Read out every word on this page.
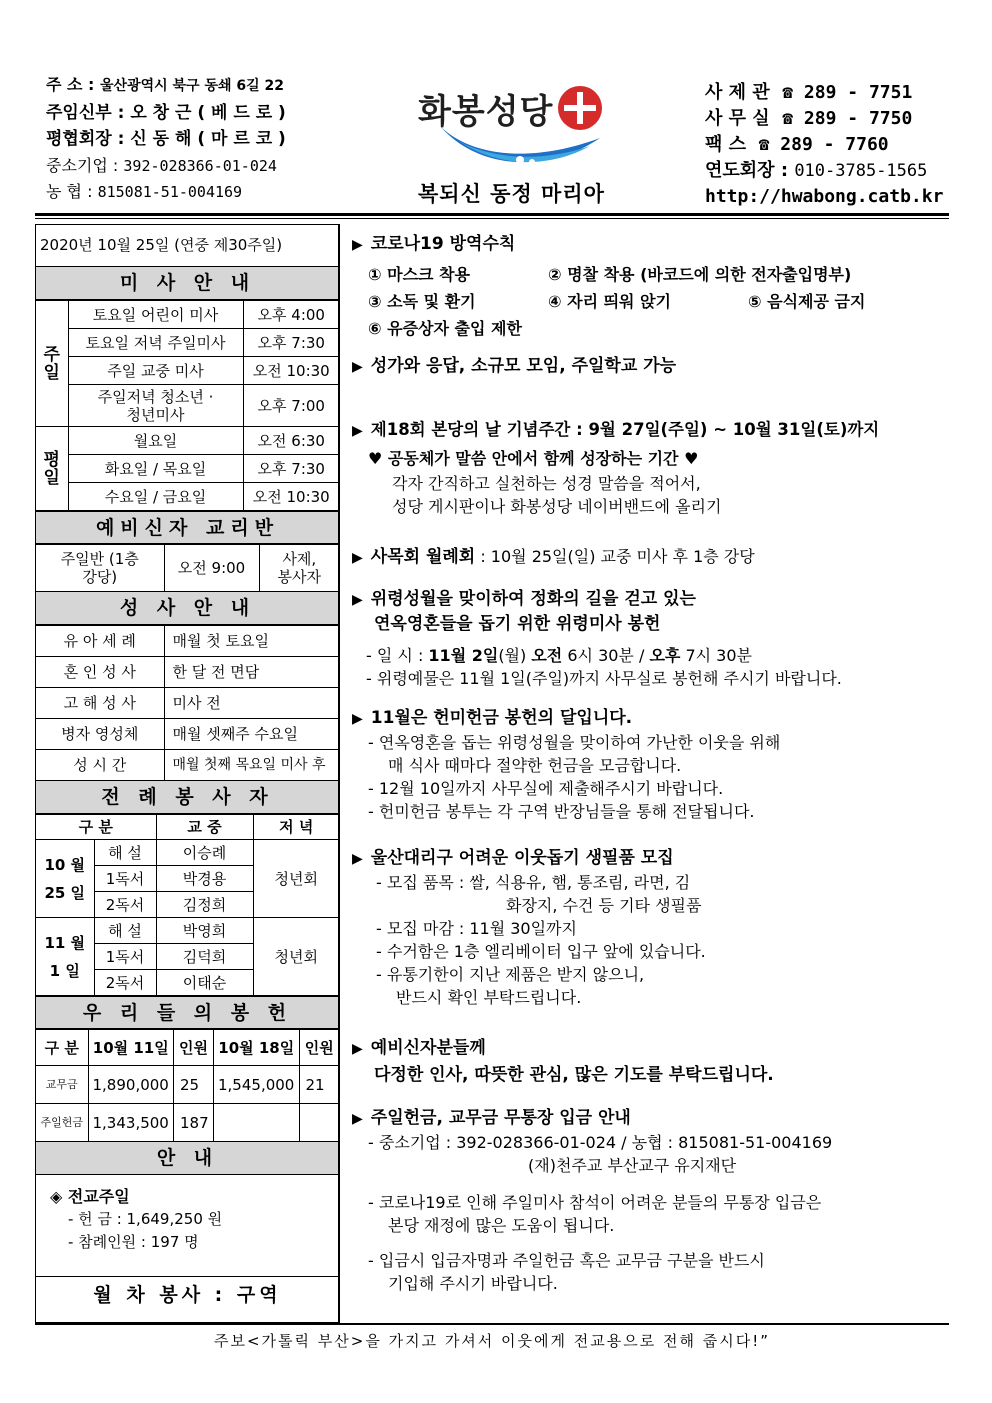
주 소 : 울산광역시 북구 동쇄 6길 22
주임신부 : 오 창 근 ( 베 드 로 )
평협회장 : 신 동 해 ( 마 르 코 )
중소기업 : 392-028366-01-024
농 협 : 815081-51-004169
화봉성당
복되신 동정 마리아
사 제 관 ☎ 289 - 7751
사 무 실 ☎ 289 - 7750
팩 스 ☎ 289 - 7760
연도회장 : 010-3785-1565
http://hwabong.catb.kr
2020년 10월 25일 (연중 제30주일)
미 사 안 내
주일	토요일 어린이 미사	오후 4:00
	토요일 저녁 주일미사	오후 7:30
	주일 교중 미사	오전 10:30
	주일저녁 청소년 · 청년미사	오후 7:00
평일	월요일	오전 6:30
	화요일 / 목요일	오후 7:30
	수요일 / 금요일	오전 10:30
예비신자 교리반
주일반 (1층강당)	오전 9:00	사제, 봉사자
성 사 안 내
유 아 세 례	매월 첫 토요일
혼 인 성 사	한 달 전 면담
고 해 성 사	미사 전
병자 영성체	매월 셋째주 수요일
성 시 간	매월 첫째 목요일 미사 후
전 례 봉 사 자
구 분		교 중	저 녁
10 월 25 일	해 설	이승례	청년회
	1독서	박경용	
	2독서	김정희	
11 월 1 일	해 설	박영희	청년회
	1독서	김덕희	
	2독서	이태순	
우 리 들 의 봉 헌
구 분	10월 11일	인원	10월 18일	인원
교무금	1,890,000	25	1,545,000	21
주일헌금	1,343,500	187		
안 내
◈ 전교주일
- 헌 금 : 1,649,250 원
- 참례인원 : 197 명
월 차 봉사 : 구역
▶ 코로나19 방역수칙
① 마스크 착용	② 명찰 착용 (바코드에 의한 전자출입명부)
③ 소독 및 환기	④ 자리 띄워 앉기	⑤ 음식제공 금지
⑥ 유증상자 출입 제한
▶ 성가와 응답, 소규모 모임, 주일학교 가능
▶ 제18회 본당의 날 기념주간 : 9월 27일(주일) ~ 10월 31일(토)까지
♥ 공동체가 말씀 안에서 함께 성장하는 기간 ♥
각자 간직하고 실천하는 성경 말씀을 적어서,
성당 게시판이나 화봉성당 네이버밴드에 올리기
▶ 사목회 월례회 : 10월 25일(일) 교중 미사 후 1층 강당
▶ 위령성월을 맞이하여 정화의 길을 걷고 있는
연옥영혼들을 돕기 위한 위령미사 봉헌
- 일 시 : 11월 2일(월) 오전 6시 30분 / 오후 7시 30분
- 위령예물은 11월 1일(주일)까지 사무실로 봉헌해 주시기 바랍니다.
▶ 11월은 헌미헌금 봉헌의 달입니다.
- 연옥영혼을 돕는 위령성월을 맞이하여 가난한 이웃을 위해
매 식사 때마다 절약한 헌금을 모금합니다.
- 12월 10일까지 사무실에 제출해주시기 바랍니다.
- 헌미헌금 봉투는 각 구역 반장님들을 통해 전달됩니다.
▶ 울산대리구 어려운 이웃돕기 생필품 모집
- 모집 품목 : 쌀, 식용유, 햄, 통조림, 라면, 김
화장지, 수건 등 기타 생필품
- 모집 마감 : 11월 30일까지
- 수거함은 1층 엘리베이터 입구 앞에 있습니다.
- 유통기한이 지난 제품은 받지 않으니,
반드시 확인 부탁드립니다.
▶ 예비신자분들께
다정한 인사, 따뜻한 관심, 많은 기도를 부탁드립니다.
▶ 주일헌금, 교무금 무통장 입금 안내
- 중소기업 : 392-028366-01-024 / 농협 : 815081-51-004169
(재)천주교 부산교구 유지재단
- 코로나19로 인해 주일미사 참석이 어려운 분들의 무통장 입금은
본당 재정에 많은 도움이 됩니다.
- 입금시 입금자명과 주일헌금 혹은 교무금 구분을 반드시
기입해 주시기 바랍니다.
주보<가톨릭 부산>을 가지고 가셔서 이웃에게 전교용으로 전해 줍시다!”
